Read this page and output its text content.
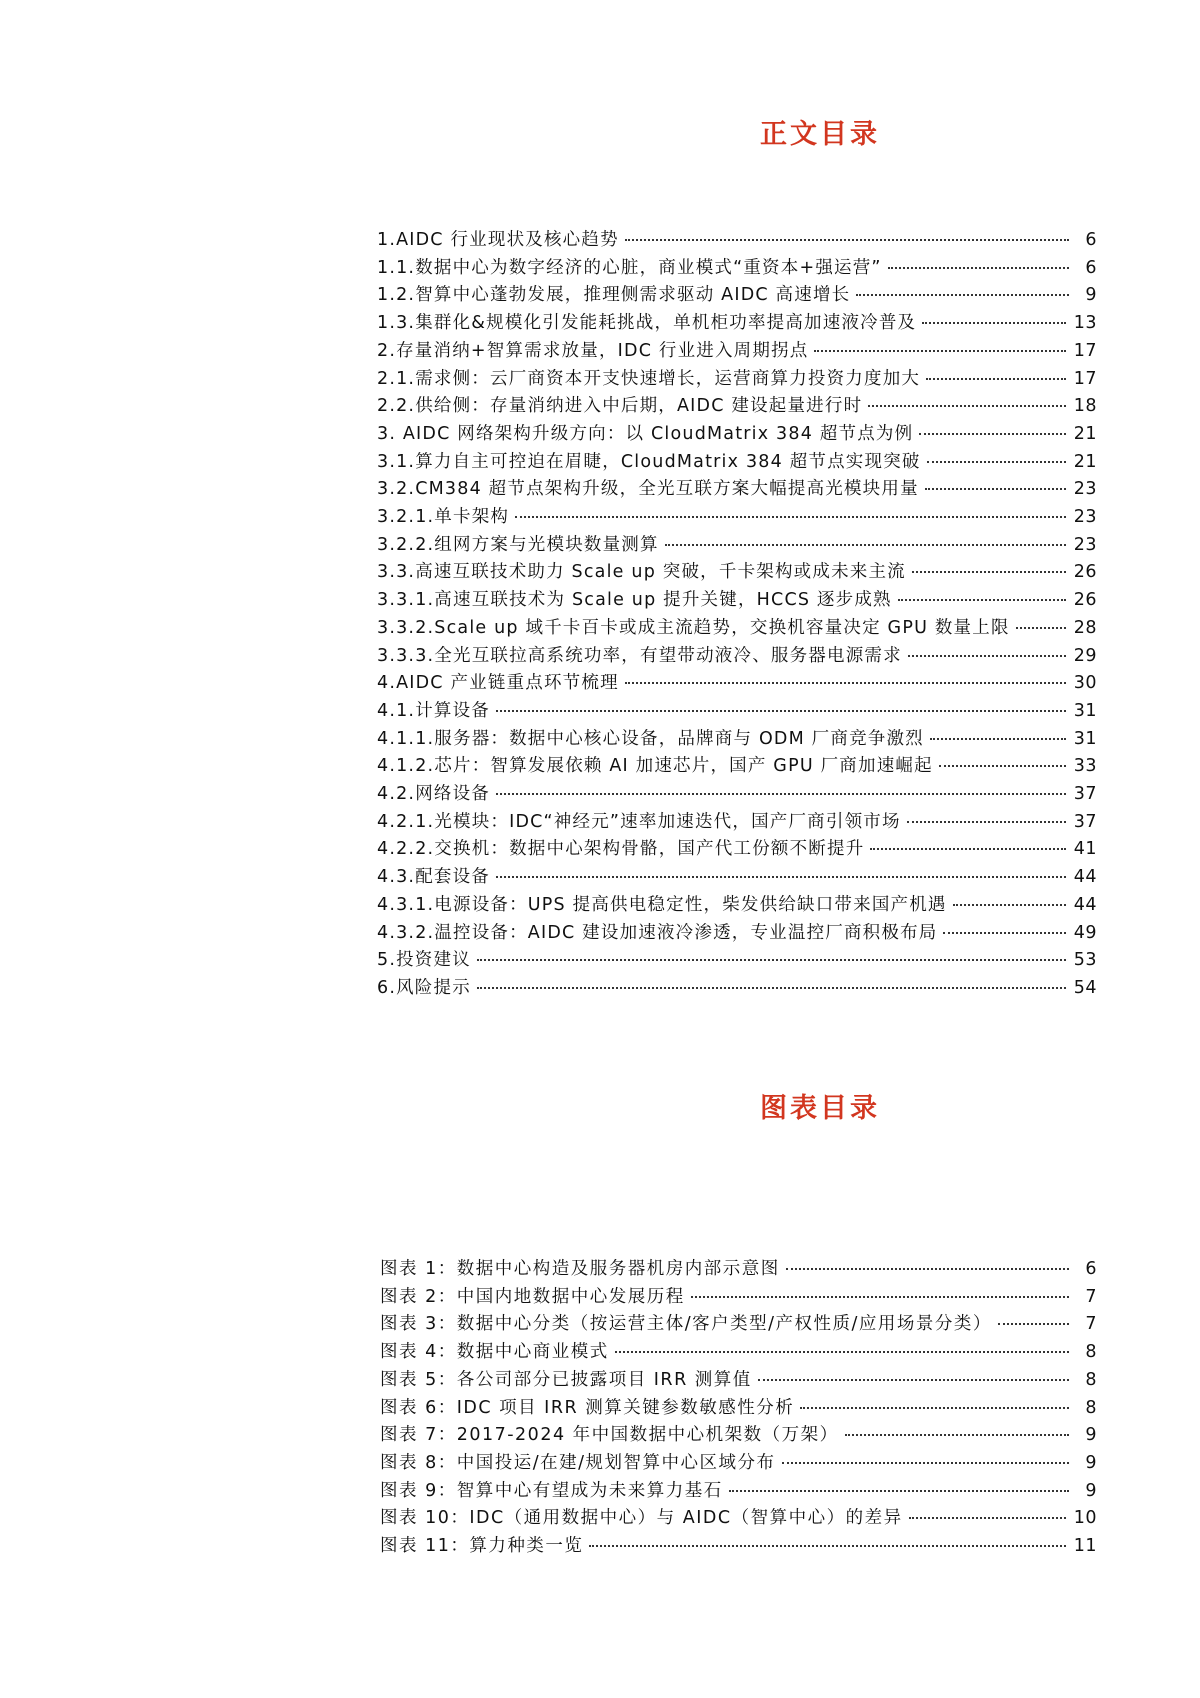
正文目录
1.AIDC 行业现状及核心趋势	6
1.1.数据中心为数字经济的心脏，商业模式“重资本+强运营”	6
1.2.智算中心蓬勃发展，推理侧需求驱动 AIDC 高速增长	9
1.3.集群化&规模化引发能耗挑战，单机柜功率提高加速液冷普及	13
2.存量消纳+智算需求放量，IDC 行业进入周期拐点	17
2.1.需求侧：云厂商资本开支快速增长，运营商算力投资力度加大	17
2.2.供给侧：存量消纳进入中后期，AIDC 建设起量进行时	18
3. AIDC 网络架构升级方向：以 CloudMatrix 384 超节点为例	21
3.1.算力自主可控迫在眉睫，CloudMatrix 384 超节点实现突破	21
3.2.CM384 超节点架构升级，全光互联方案大幅提高光模块用量	23
3.2.1.单卡架构	23
3.2.2.组网方案与光模块数量测算	23
3.3.高速互联技术助力 Scale up 突破，千卡架构或成未来主流	26
3.3.1.高速互联技术为 Scale up 提升关键，HCCS 逐步成熟	26
3.3.2.Scale up 域千卡百卡或成主流趋势，交换机容量决定 GPU 数量上限	28
3.3.3.全光互联拉高系统功率，有望带动液冷、服务器电源需求	29
4.AIDC 产业链重点环节梳理	30
4.1.计算设备	31
4.1.1.服务器：数据中心核心设备，品牌商与 ODM 厂商竞争激烈	31
4.1.2.芯片：智算发展依赖 AI 加速芯片，国产 GPU 厂商加速崛起	33
4.2.网络设备	37
4.2.1.光模块：IDC“神经元”速率加速迭代，国产厂商引领市场	37
4.2.2.交换机：数据中心架构骨骼，国产代工份额不断提升	41
4.3.配套设备	44
4.3.1.电源设备：UPS 提高供电稳定性，柴发供给缺口带来国产机遇	44
4.3.2.温控设备：AIDC 建设加速液冷渗透，专业温控厂商积极布局	49
5.投资建议	53
6.风险提示	54
图表目录
图表 1：数据中心构造及服务器机房内部示意图	6
图表 2：中国内地数据中心发展历程	7
图表 3：数据中心分类（按运营主体/客户类型/产权性质/应用场景分类）	7
图表 4：数据中心商业模式	8
图表 5：各公司部分已披露项目 IRR 测算值	8
图表 6：IDC 项目 IRR 测算关键参数敏感性分析	8
图表 7：2017-2024 年中国数据中心机架数（万架）	9
图表 8：中国投运/在建/规划智算中心区域分布	9
图表 9：智算中心有望成为未来算力基石	9
图表 10：IDC（通用数据中心）与 AIDC（智算中心）的差异	10
图表 11：算力种类一览	11
